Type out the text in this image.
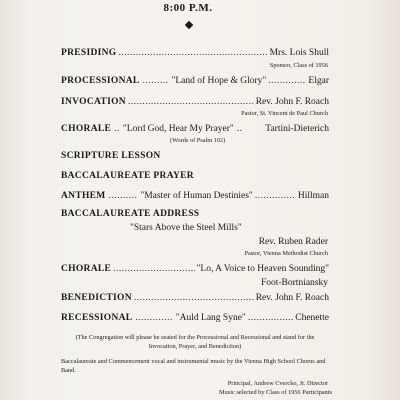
8:00 P.M.
PRESIDING .....	Mrs. Lois Shull
Sponsor, Class of 1956
PROCESSIONAL ......... "Land of Hope & Glory" .....	Elgar
INVOCATION .....	Rev. John F. Roach
Pastor, St. Vincent de Paul Church
CHORALE .. "Lord God, Hear My Prayer" .. Tartini-Dieterich
(Words of Psalm 102)
SCRIPTURE LESSON
BACCALAUREATE PRAYER
ANTHEM .......... "Master of Human Destinies" .....	Hillman
BACCALAUREATE ADDRESS
"Stars Above the Steel Mills"
Rev. Ruben Rader
Pastor, Vienna Methodist Church
CHORALE .....	"Lo, A Voice to Heaven Sounding"
Foot-Bortniansky
BENEDICTION .....	Rev. John F. Roach
RECESSIONAL ............. "Auld Lang Syne" .....	Chenette
(The Congregation will please be seated for the Processional and Recessional and stand for the Invocation, Prayer, and Benediction)
Baccalaureate and Commencement vocal and instrumental music by the Vienna High School Chorus and Band.
Principal, Andrew Cverckо, Jr. Director
Music selected by Class of 1956 Participants
